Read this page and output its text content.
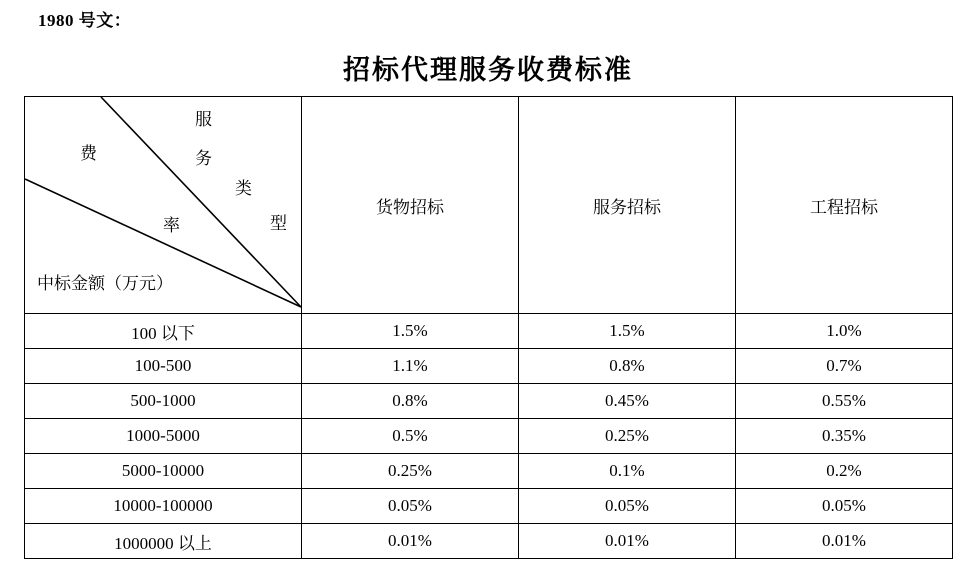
1980 号文：
招标代理服务收费标准
费
率
服
务
类
型
中标金额（万元）
	货物招标	服务招标	工程招标
100 以下	1.5%	1.5%	1.0%
100-500	1.1%	0.8%	0.7%
500-1000	0.8%	0.45%	0.55%
1000-5000	0.5%	0.25%	0.35%
5000-10000	0.25%	0.1%	0.2%
10000-100000	0.05%	0.05%	0.05%
1000000 以上	0.01%	0.01%	0.01%
